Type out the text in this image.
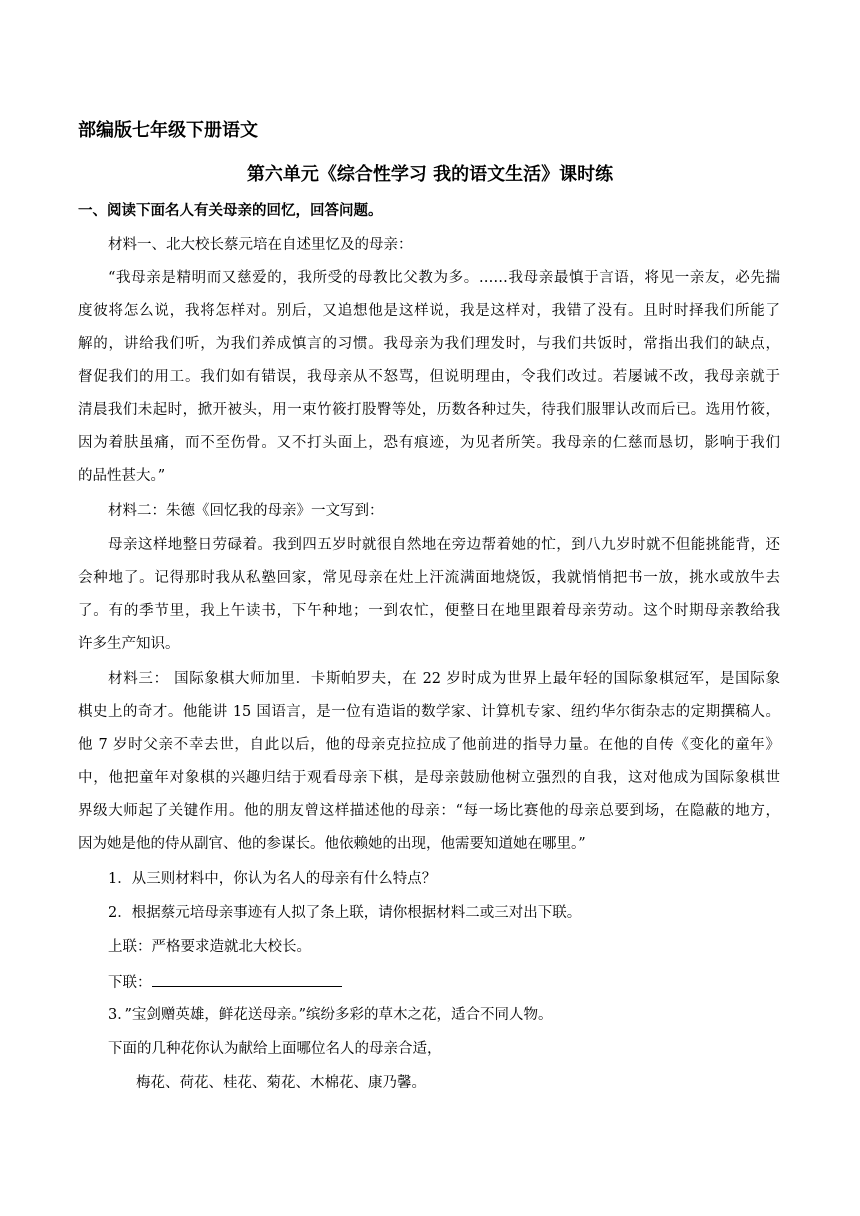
部编版七年级下册语文
第六单元《综合性学习 我的语文生活》课时练
一、阅读下面名人有关母亲的回忆，回答问题。
材料一、北大校长蔡元培在自述里忆及的母亲：
“我母亲是精明而又慈爱的，我所受的母教比父教为多。……我母亲最慎于言语，将见一亲友，必先揣
度彼将怎么说，我将怎样对。别后，又追想他是这样说，我是这样对，我错了没有。且时时择我们所能了
解的，讲给我们听，为我们养成慎言的习惯。我母亲为我们理发时，与我们共饭时，常指出我们的缺点，
督促我们的用工。我们如有错误，我母亲从不怒骂，但说明理由，令我们改过。若屡诫不改，我母亲就于
清晨我们未起时，掀开被头，用一束竹筱打股臀等处，历数各种过失，待我们服罪认改而后已。选用竹筱，
因为着肤虽痛，而不至伤骨。又不打头面上，恐有痕迹，为见者所笑。我母亲的仁慈而恳切，影响于我们
的品性甚大。”
材料二：朱德《回忆我的母亲》一文写到：
母亲这样地整日劳碌着。我到四五岁时就很自然地在旁边帮着她的忙，到八九岁时就不但能挑能背，还
会种地了。记得那时我从私塾回家，常见母亲在灶上汗流满面地烧饭，我就悄悄把书一放，挑水或放牛去
了。有的季节里，我上午读书，下午种地；一到农忙，便整日在地里跟着母亲劳动。这个时期母亲教给我
许多生产知识。
材料三： 国际象棋大师加里．卡斯帕罗夫，在 22 岁时成为世界上最年轻的国际象棋冠军，是国际象
棋史上的奇才。他能讲 15 国语言，是一位有造诣的数学家、计算机专家、纽约华尔街杂志的定期撰稿人。
他 7 岁时父亲不幸去世，自此以后，他的母亲克拉拉成了他前进的指导力量。在他的自传《变化的童年》
中，他把童年对象棋的兴趣归结于观看母亲下棋，是母亲鼓励他树立强烈的自我，这对他成为国际象棋世
界级大师起了关键作用。他的朋友曾这样描述他的母亲：“每一场比赛他的母亲总要到场，在隐蔽的地方，
因为她是他的侍从副官、他的参谋长。他依赖她的出现，他需要知道她在哪里。”
1．从三则材料中，你认为名人的母亲有什么特点？
2．根据蔡元培母亲事迹有人拟了条上联，请你根据材料二或三对出下联。
上联：严格要求造就北大校长。
下联：
3．”宝剑赠英雄，鲜花送母亲。”缤纷多彩的草木之花，适合不同人物。
下面的几种花你认为献给上面哪位名人的母亲合适，
梅花、荷花、桂花、菊花、木棉花、康乃馨。
